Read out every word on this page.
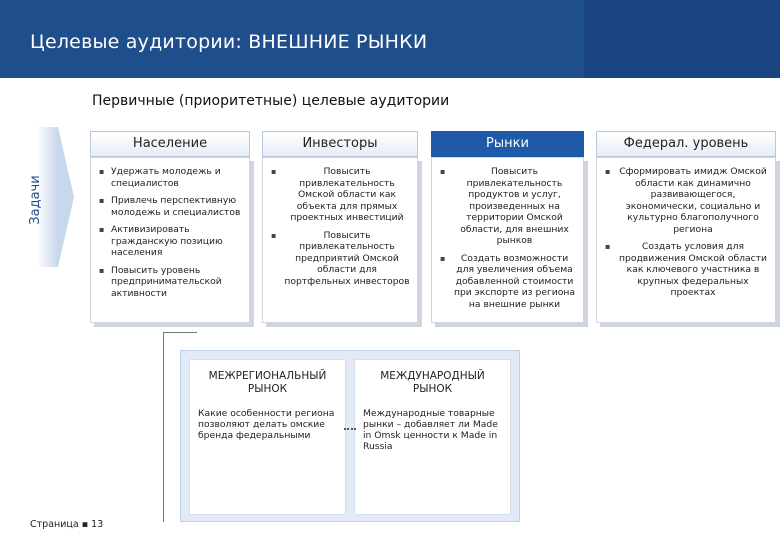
Целевые аудитории: ВНЕШНИЕ РЫНКИ
Первичные (приоритетные) целевые аудитории
Задачи
Население
▪ Удержать молодежь и специалистов
▪ Привлечь перспективную молодежь и специалистов
▪ Активизировать гражданскую позицию населения
▪ Повысить уровень предпринимательской активности
Инвесторы
▪	Повысить привлекательность Омской области как объекта для прямых проектных инвестиций
▪	Повысить привлекательность предприятий Омской области для портфельных инвесторов
Рынки
▪	Повысить привлекательность продуктов и услуг, произведенных на территории Омской области, для внешних рынков
▪	Создать возможности для увеличения объема добавленной стоимости при экспорте из региона на внешние рынки
Федерал. уровень
▪ Сформировать имидж Омской области как динамично развивающегося, экономически, социально и культурно благополучного региона
▪	Создать условия для продвижения Омской области как ключевого участника в крупных федеральных проектах
МЕЖРЕГИОНАЛЬНЫЙ РЫНОК
Какие особенности региона позволяют делать омские бренда федеральными
МЕЖДУНАРОДНЫЙ РЫНОК
Международные товарные рынки – добавляет ли Made in Omsk ценности к Made in Russia
Страница ▪ 13
